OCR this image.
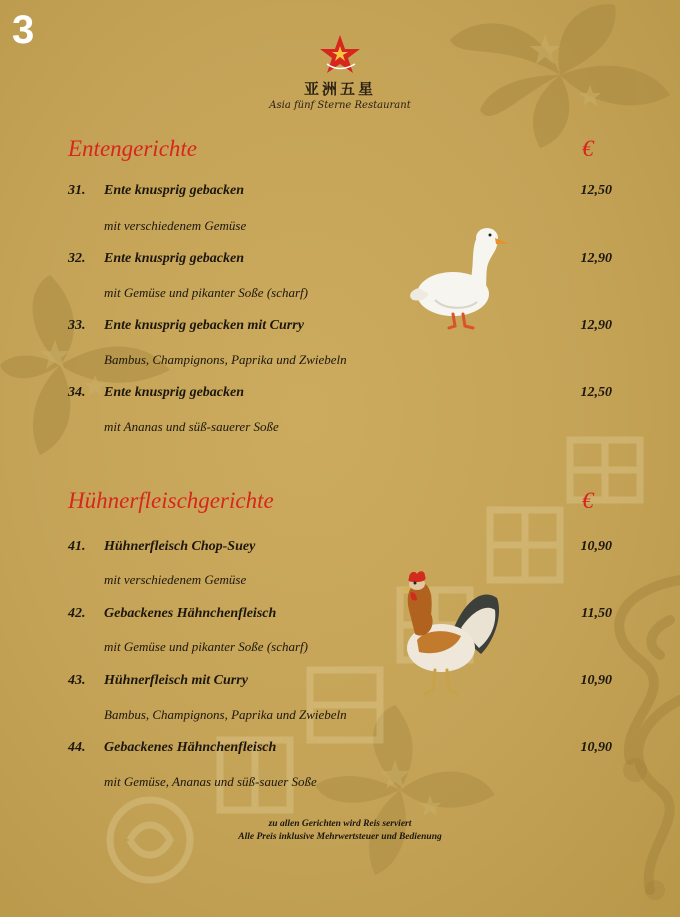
3
亚洲五星
Asia fünf Sterne Restaurant
Entengerichte	€
31. Ente knusprig gebacken	12,50
mit verschiedenem Gemüse
32. Ente knusprig gebacken	12,90
mit Gemüse und pikanter Soße (scharf)
33. Ente knusprig gebacken mit Curry	12,90
Bambus, Champignons, Paprika und Zwiebeln
34. Ente knusprig gebacken	12,50
mit Ananas und süß-sauerer Soße
Hühnerfleischgerichte	€
41. Hühnerfleisch Chop-Suey	10,90
mit verschiedenem Gemüse
42. Gebackenes Hähnchenfleisch	11,50
mit Gemüse und pikanter Soße (scharf)
43. Hühnerfleisch mit Curry	10,90
Bambus, Champignons, Paprika und Zwiebeln
44. Gebackenes Hähnchenfleisch	10,90
mit Gemüse, Ananas und süß-sauer Soße
zu allen Gerichten wird Reis serviert
Alle Preis inklusive Mehrwertsteuer und Bedienung
